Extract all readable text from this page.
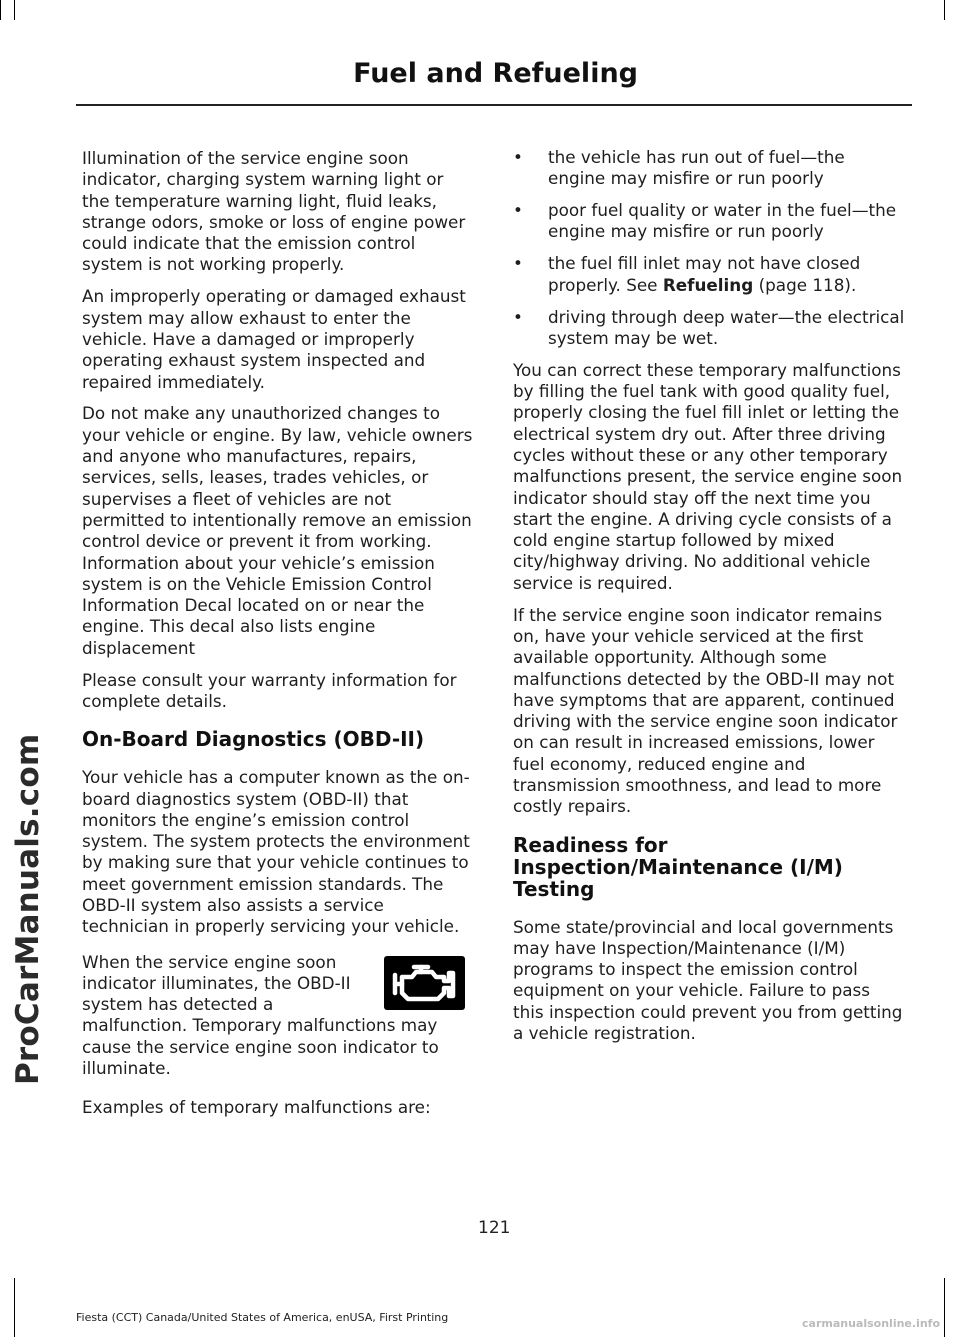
ProCarManuals.com
Fuel and Refueling

Illumination of the service engine soon indicator, charging system warning light or the temperature warning light, fluid leaks, strange odors, smoke or loss of engine power could indicate that the emission control system is not working properly.

An improperly operating or damaged exhaust system may allow exhaust to enter the vehicle. Have a damaged or improperly operating exhaust system inspected and repaired immediately.

Do not make any unauthorized changes to your vehicle or engine. By law, vehicle owners and anyone who manufactures, repairs, services, sells, leases, trades vehicles, or supervises a fleet of vehicles are not permitted to intentionally remove an emission control device or prevent it from working. Information about your vehicle’s emission system is on the Vehicle Emission Control Information Decal located on or near the engine. This decal also lists engine displacement

Please consult your warranty information for complete details.

On-Board Diagnostics (OBD-II)

Your vehicle has a computer known as the on-board diagnostics system (OBD-II) that monitors the engine’s emission control system. The system protects the environment by making sure that your vehicle continues to meet government emission standards. The OBD-II system also assists a service technician in properly servicing your vehicle.

When the service engine soon indicator illuminates, the OBD-II system has detected a malfunction. Temporary malfunctions may cause the service engine soon indicator to illuminate.

Examples of temporary malfunctions are:

• the vehicle has run out of fuel—the engine may misfire or run poorly
• poor fuel quality or water in the fuel—the engine may misfire or run poorly
• the fuel fill inlet may not have closed properly. See Refueling (page 118).
• driving through deep water—the electrical system may be wet.

You can correct these temporary malfunctions by filling the fuel tank with good quality fuel, properly closing the fuel fill inlet or letting the electrical system dry out. After three driving cycles without these or any other temporary malfunctions present, the service engine soon indicator should stay off the next time you start the engine. A driving cycle consists of a cold engine startup followed by mixed city/highway driving. No additional vehicle service is required.

If the service engine soon indicator remains on, have your vehicle serviced at the first available opportunity. Although some malfunctions detected by the OBD-II may not have symptoms that are apparent, continued driving with the service engine soon indicator on can result in increased emissions, lower fuel economy, reduced engine and transmission smoothness, and lead to more costly repairs.

Readiness for Inspection/Maintenance (I/M) Testing

Some state/provincial and local governments may have Inspection/Maintenance (I/M) programs to inspect the emission control equipment on your vehicle. Failure to pass this inspection could prevent you from getting a vehicle registration.

121
Fiesta (CCT) Canada/United States of America, enUSA, First Printing	carmanualsonline.info
